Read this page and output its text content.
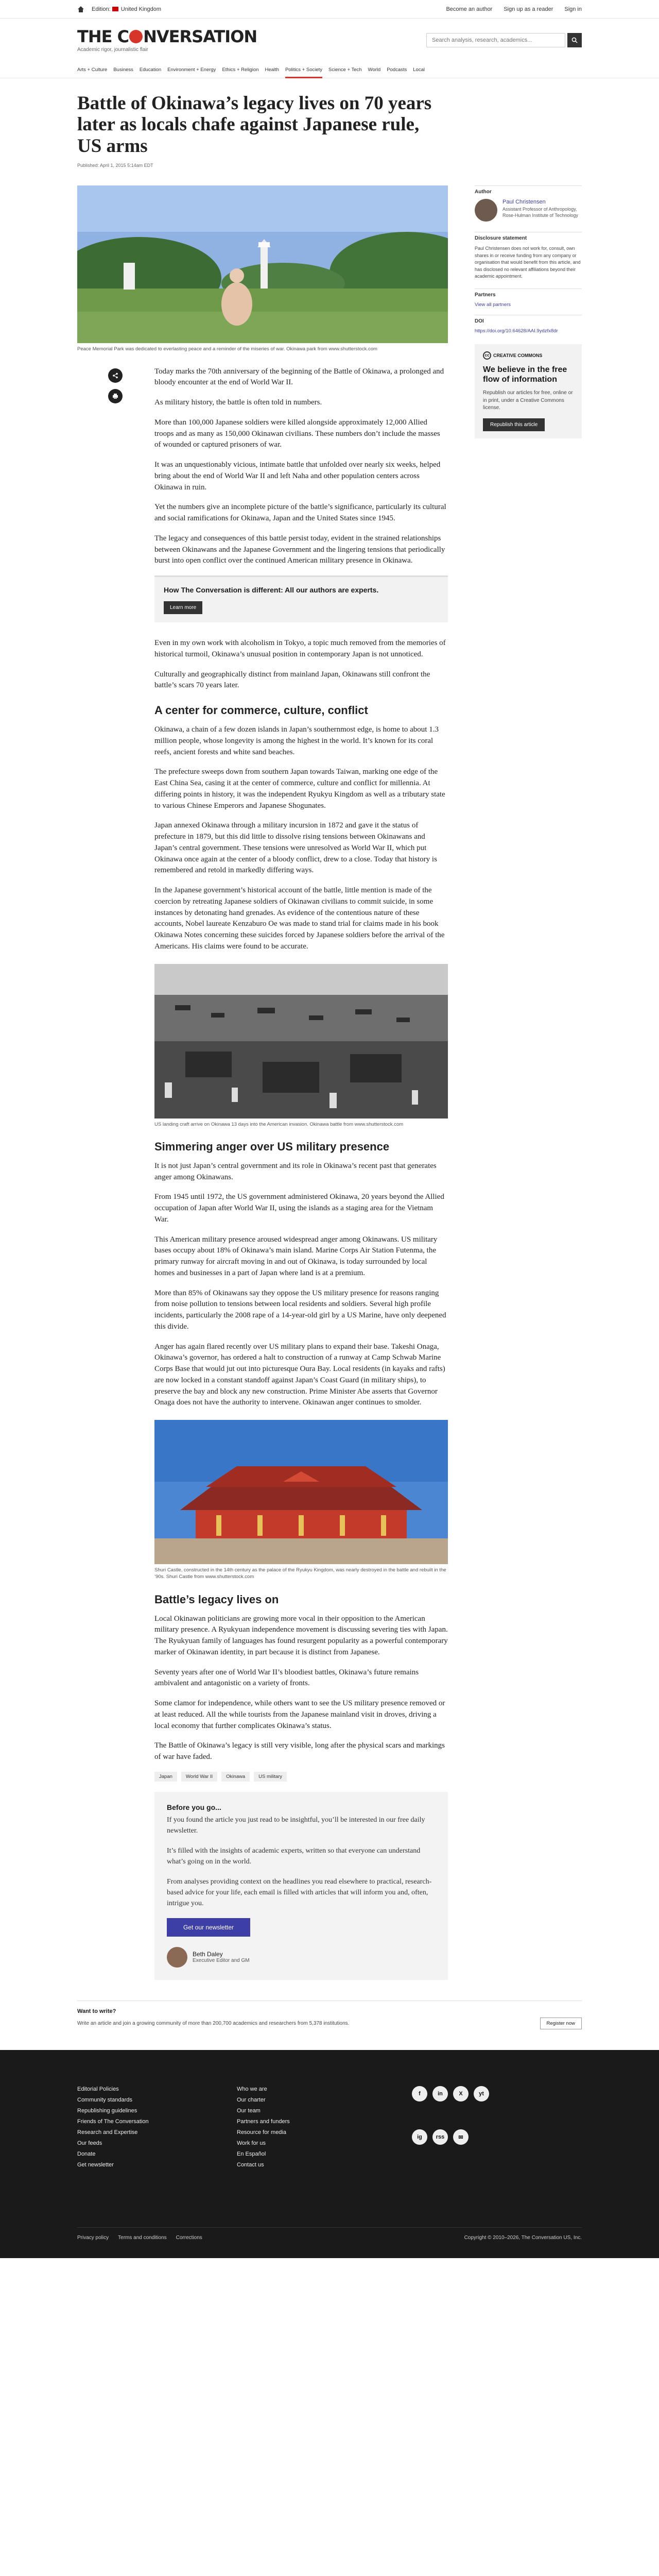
Edition:
United Kingdom	Become an author Sign up as a reader Sign in
THE C NVERSATION
Academic rigor, journalistic flair
Search analysis, research, academics...
Arts + Culture Business Education Environment + Energy Ethics + Religion Health Politics + Society Science + Tech World Podcasts Local
Battle of Okinawa’s legacy lives on 70 years later as locals chafe against Japanese rule, US arms
Published: April 1, 2015 5:14am EDT
Peace Memorial Park was dedicated to everlasting peace and a reminder of the miseries of war. Okinawa park from www.shutterstock.com

Today marks the 70th anniversary of the beginning of the Battle of Okinawa, a prolonged and bloody encounter at the end of World War II.

As military history, the battle is often told in numbers.

More than 100,000 Japanese soldiers were killed alongside approximately 12,000 Allied troops and as many as 150,000 Okinawan civilians. These numbers don’t include the masses of wounded or captured prisoners of war.

It was an unquestionably vicious, intimate battle that unfolded over nearly six weeks, helped bring about the end of World War II and left Naha and other population centers across Okinawa in ruin.

Yet the numbers give an incomplete picture of the battle’s significance, particularly its cultural and social ramifications for Okinawa, Japan and the United States since 1945.

The legacy and consequences of this battle persist today, evident in the strained relationships between Okinawans and the Japanese Government and the lingering tensions that periodically burst into open conflict over the continued American military presence in Okinawa.

How The Conversation is different: All our authors are experts.
Learn more

Even in my own work with alcoholism in Tokyo, a topic much removed from the memories of historical turmoil, Okinawa’s unusual position in contemporary Japan is not unnoticed.

Culturally and geographically distinct from mainland Japan, Okinawans still confront the battle’s scars 70 years later.

A center for commerce, culture, conflict

Okinawa, a chain of a few dozen islands in Japan’s southernmost edge, is home to about 1.3 million people, whose longevity is among the highest in the world. It’s known for its coral reefs, ancient forests and white sand beaches.

The prefecture sweeps down from southern Japan towards Taiwan, marking one edge of the East China Sea, casing it at the center of commerce, culture and conflict for millennia. At differing points in history, it was the independent Ryukyu Kingdom as well as a tributary state to various Chinese Emperors and Japanese Shogunates.

Japan annexed Okinawa through a military incursion in 1872 and gave it the status of prefecture in 1879, but this did little to dissolve rising tensions between Okinawans and Japan’s central government. These tensions were unresolved as World War II, which put Okinawa once again at the center of a bloody conflict, drew to a close. Today that history is remembered and retold in markedly differing ways.

In the Japanese government’s historical account of the battle, little mention is made of the coercion by retreating Japanese soldiers of Okinawan civilians to commit suicide, in some instances by detonating hand grenades. As evidence of the contentious nature of these accounts, Nobel laureate Kenzaburo Oe was made to stand trial for claims made in his book Okinawa Notes concerning these suicides forced by Japanese soldiers before the arrival of the Americans. His claims were found to be accurate.

US landing craft arrive on Okinawa 13 days into the American invasion. Okinawa battle from www.shutterstock.com
Simmering anger over US military presence

It is not just Japan’s central government and its role in Okinawa’s recent past that generates anger among Okinawans.

From 1945 until 1972, the US government administered Okinawa, 20 years beyond the Allied occupation of Japan after World War II, using the islands as a staging area for the Vietnam War.

This American military presence aroused widespread anger among Okinawans. US military bases occupy about 18% of Okinawa’s main island. Marine Corps Air Station Futenma, the primary runway for aircraft moving in and out of Okinawa, is today surrounded by local homes and businesses in a part of Japan where land is at a premium.

More than 85% of Okinawans say they oppose the US military presence for reasons ranging from noise pollution to tensions between local residents and soldiers. Several high profile incidents, particularly the 2008 rape of a 14-year-old girl by a US Marine, have only deepened this divide.

Anger has again flared recently over US military plans to expand their base. Takeshi Onaga, Okinawa’s governor, has ordered a halt to construction of a runway at Camp Schwab Marine Corps Base that would jut out into picturesque Oura Bay. Local residents (in kayaks and rafts) are now locked in a constant standoff against Japan’s Coast Guard (in military ships), to preserve the bay and block any new construction. Prime Minister Abe asserts that Governor Onaga does not have the authority to intervene. Okinawan anger continues to smolder.

Shuri Castle, constructed in the 14th century as the palace of the Ryukyu Kingdom, was nearly destroyed in the battle and rebuilt in the ’90s. Shuri Castle from www.shutterstock.com
Battle’s legacy lives on

Local Okinawan politicians are growing more vocal in their opposition to the American military presence. A Ryukyuan independence movement is discussing severing ties with Japan. The Ryukyuan family of languages has found resurgent popularity as a powerful contemporary marker of Okinawan identity, in part because it is distinct from Japanese.

Seventy years after one of World War II’s bloodiest battles, Okinawa’s future remains ambivalent and antagonistic on a variety of fronts.

Some clamor for independence, while others want to see the US military presence removed or at least reduced. All the while tourists from the Japanese mainland visit in droves, driving a local economy that further complicates Okinawa’s status.

The Battle of Okinawa’s legacy is still very visible, long after the physical scars and markings of war have faded.

Japan	World War II	Okinawa	US military
Before you go...

If you found the article you just read to be insightful, you’ll be interested in our free daily newsletter.

It’s filled with the insights of academic experts, written so that everyone can understand what’s going on in the world.

From analyses providing context on the headlines you read elsewhere to practical, research-based advice for your life, each email is filled with articles that will inform you and, often, intrigue you.

Get our newsletter
Beth Daley
Executive Editor and GM
Author
Paul Christensen
Assistant Professor of Anthropology, Rose-Hulman Institute of Technology
Disclosure statement
Paul Christensen does not work for, consult, own shares in or receive funding from any company or organisation that would benefit from this article, and has disclosed no relevant affiliations beyond their academic appointment.
Partners
View all partners
DOI
https://doi.org/10.64628/AAI.9ydzfx8dr
cc CREATIVE COMMONS
We believe in the free flow of information

Republish our articles for free, online or in print, under a Creative Commons license.

Republish this article
Want to write?

Write an article and join a growing community of more than 200,700 academics and researchers from 5,378 institutions.	Register now
Editorial Policies
Community standards
Republishing guidelines
Friends of The Conversation
Research and Expertise
Our feeds
Donate
Get newsletter
Who we are
Our charter
Our team
Partners and funders
Resource for media
Work for us
En Español
Contact us
f	in	X	yt
ig	rss	✉
Privacy policy Terms and conditions Corrections	Copyright © 2010–2026, The Conversation US, Inc.
